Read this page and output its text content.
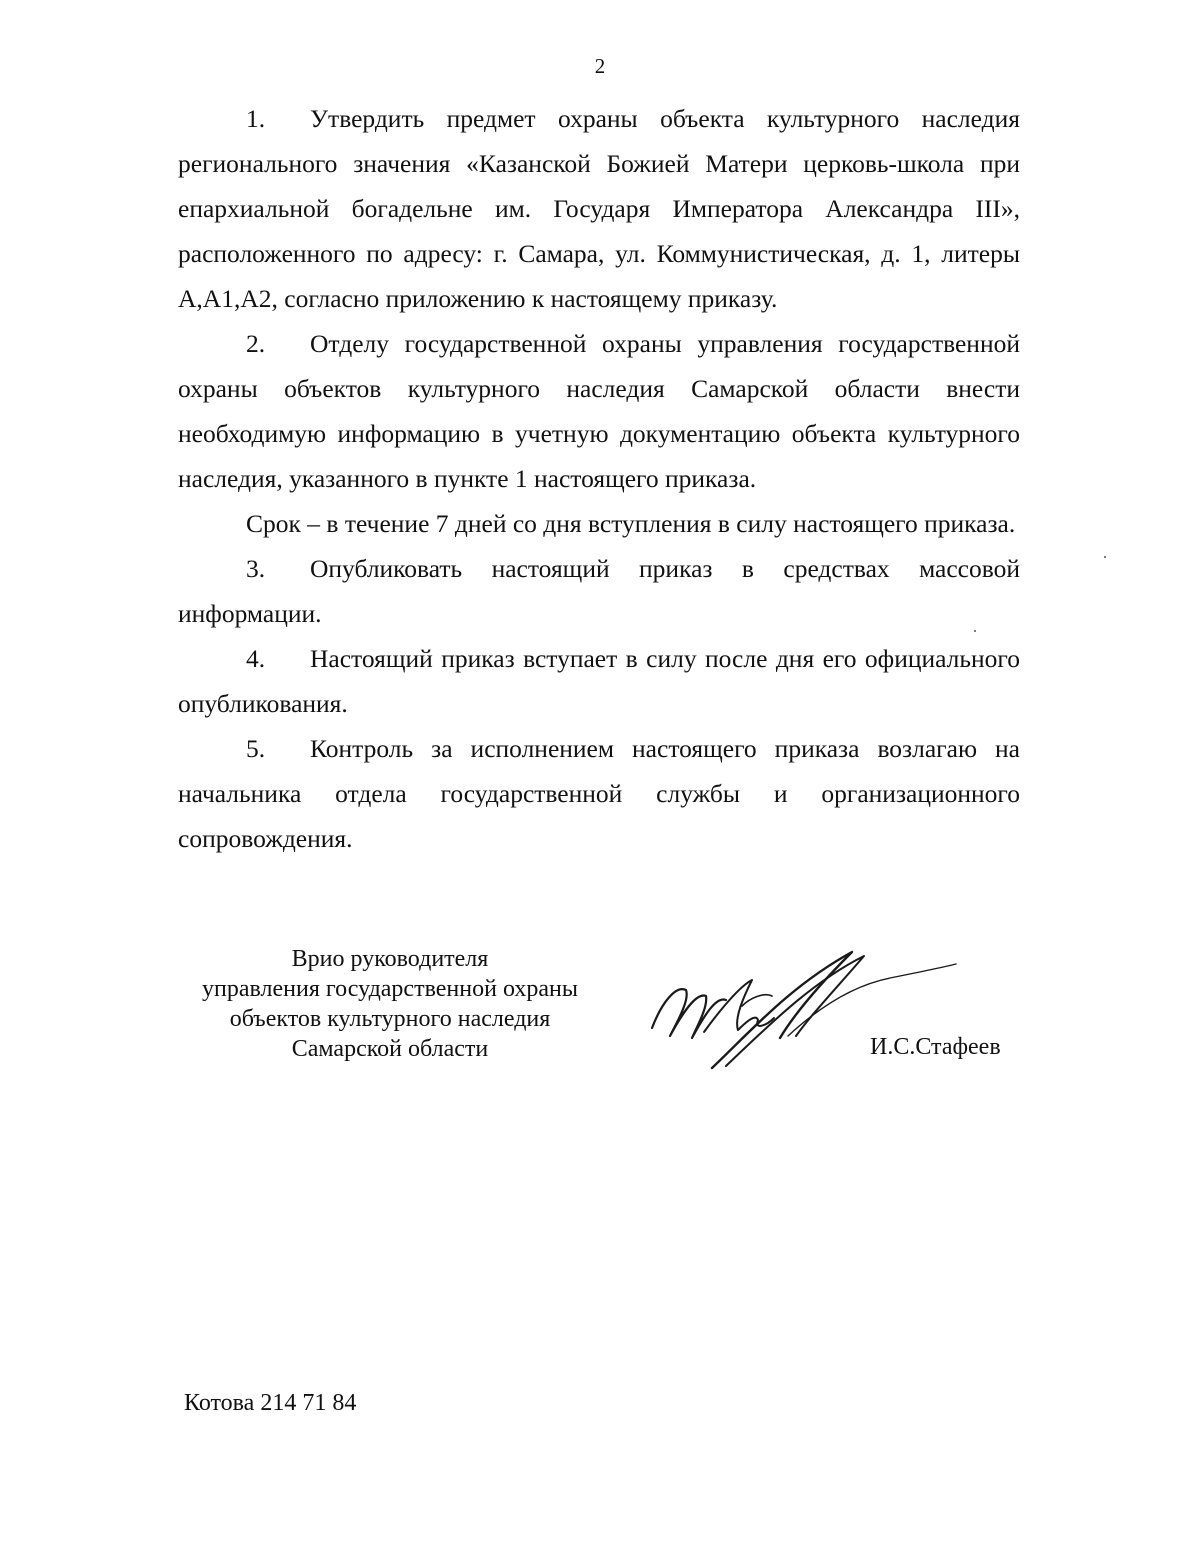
2

1. Утвердить предмет охраны объекта культурного наследия регионального значения «Казанской Божией Матери церковь-школа при епархиальной богадельне им. Государя Императора Александра III», расположенного по адресу: г. Самара, ул. Коммунистическая, д. 1, литеры А,А1,А2, согласно приложению к настоящему приказу.

2. Отделу государственной охраны управления государственной охраны объектов культурного наследия Самарской области внести необходимую информацию в учетную документацию объекта культурного наследия, указанного в пункте 1 настоящего приказа.

Срок – в течение 7 дней со дня вступления в силу настоящего приказа.

3. Опубликовать настоящий приказ в средствах массовой информации.

4. Настоящий приказ вступает в силу после дня его официального опубликования.

5. Контроль за исполнением настоящего приказа возлагаю на начальника отдела государственной службы и организационного сопровождения.

Врио руководителя
управления государственной охраны
объектов культурного наследия
Самарской области	И.С.Стафеев
Котова 214 71 84
